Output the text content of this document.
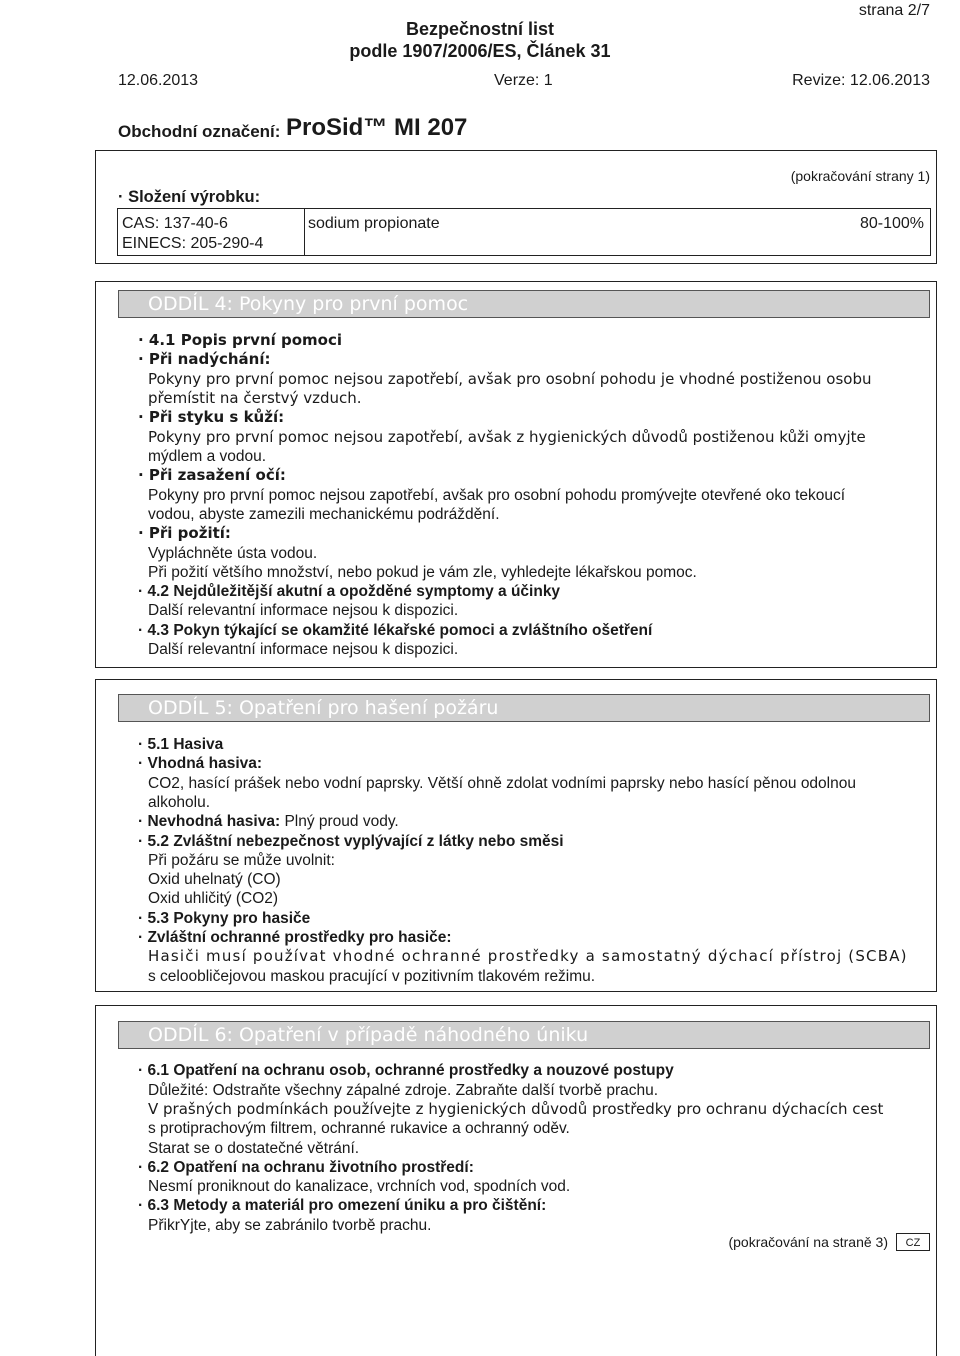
strana 2/7
Bezpečnostní list
podle 1907/2006/ES, Článek 31
12.06.2013	Verze: 1	Revize: 12.06.2013
Obchodní označení: ProSid™ MI 207
(pokračování strany 1)
· Složení výrobku:
CAS: 137-40-6
EINECS: 205-290-4
sodium propionate	80-100%
ODDÍL 4: Pokyny pro první pomoc
· 4.1 Popis první pomoci
· Při nadýchání:
Pokyny pro první pomoc nejsou zapotřebí, avšak pro osobní pohodu je vhodné postiženou osobu
přemístit na čerstvý vzduch.
· Při styku s kůží:
Pokyny pro první pomoc nejsou zapotřebí, avšak z hygienických důvodů postiženou kůži omyjte
mýdlem a vodou.
· Při zasažení očí:
Pokyny pro první pomoc nejsou zapotřebí, avšak pro osobní pohodu promývejte otevřené oko tekoucí
vodou, abyste zamezili mechanickému podráždění.
· Při požití:
Vypláchněte ústa vodou.
Při požití většího množství, nebo pokud je vám zle, vyhledejte lékařskou pomoc.
· 4.2 Nejdůležitější akutní a opožděné symptomy a účinky
Další relevantní informace nejsou k dispozici.
· 4.3 Pokyn týkající se okamžité lékařské pomoci a zvláštního ošetření
Další relevantní informace nejsou k dispozici.
ODDÍL 5: Opatření pro hašení požáru
· 5.1 Hasiva
· Vhodná hasiva:
CO2, hasící prášek nebo vodní paprsky. Větší ohně zdolat vodními paprsky nebo hasící pěnou odolnou
alkoholu.
· Nevhodná hasiva: Plný proud vody.
· 5.2 Zvláštní nebezpečnost vyplývající z látky nebo směsi
Při požáru se může uvolnit:
Oxid uhelnatý (CO)
Oxid uhličitý (CO2)
· 5.3 Pokyny pro hasiče
· Zvláštní ochranné prostředky pro hasiče:
Hasiči musí používat vhodné ochranné prostředky a samostatný dýchací přístroj (SCBA)
s celoobličejovou maskou pracující v pozitivním tlakovém režimu.
ODDÍL 6: Opatření v případě náhodného úniku
· 6.1 Opatření na ochranu osob, ochranné prostředky a nouzové postupy
Důležité: Odstraňte všechny zápalné zdroje. Zabraňte další tvorbě prachu.
V prašných podmínkách používejte z hygienických důvodů prostředky pro ochranu dýchacích cest
s protiprachovým filtrem, ochranné rukavice a ochranný oděv.
Starat se o dostatečné větrání.
· 6.2 Opatření na ochranu životního prostředí:
Nesmí proniknout do kanalizace, vrchních vod, spodních vod.
· 6.3 Metody a materiál pro omezení úniku a pro čištění:
PřikrYjte, aby se zabránilo tvorbě prachu.
(pokračování na straně 3)	CZ
